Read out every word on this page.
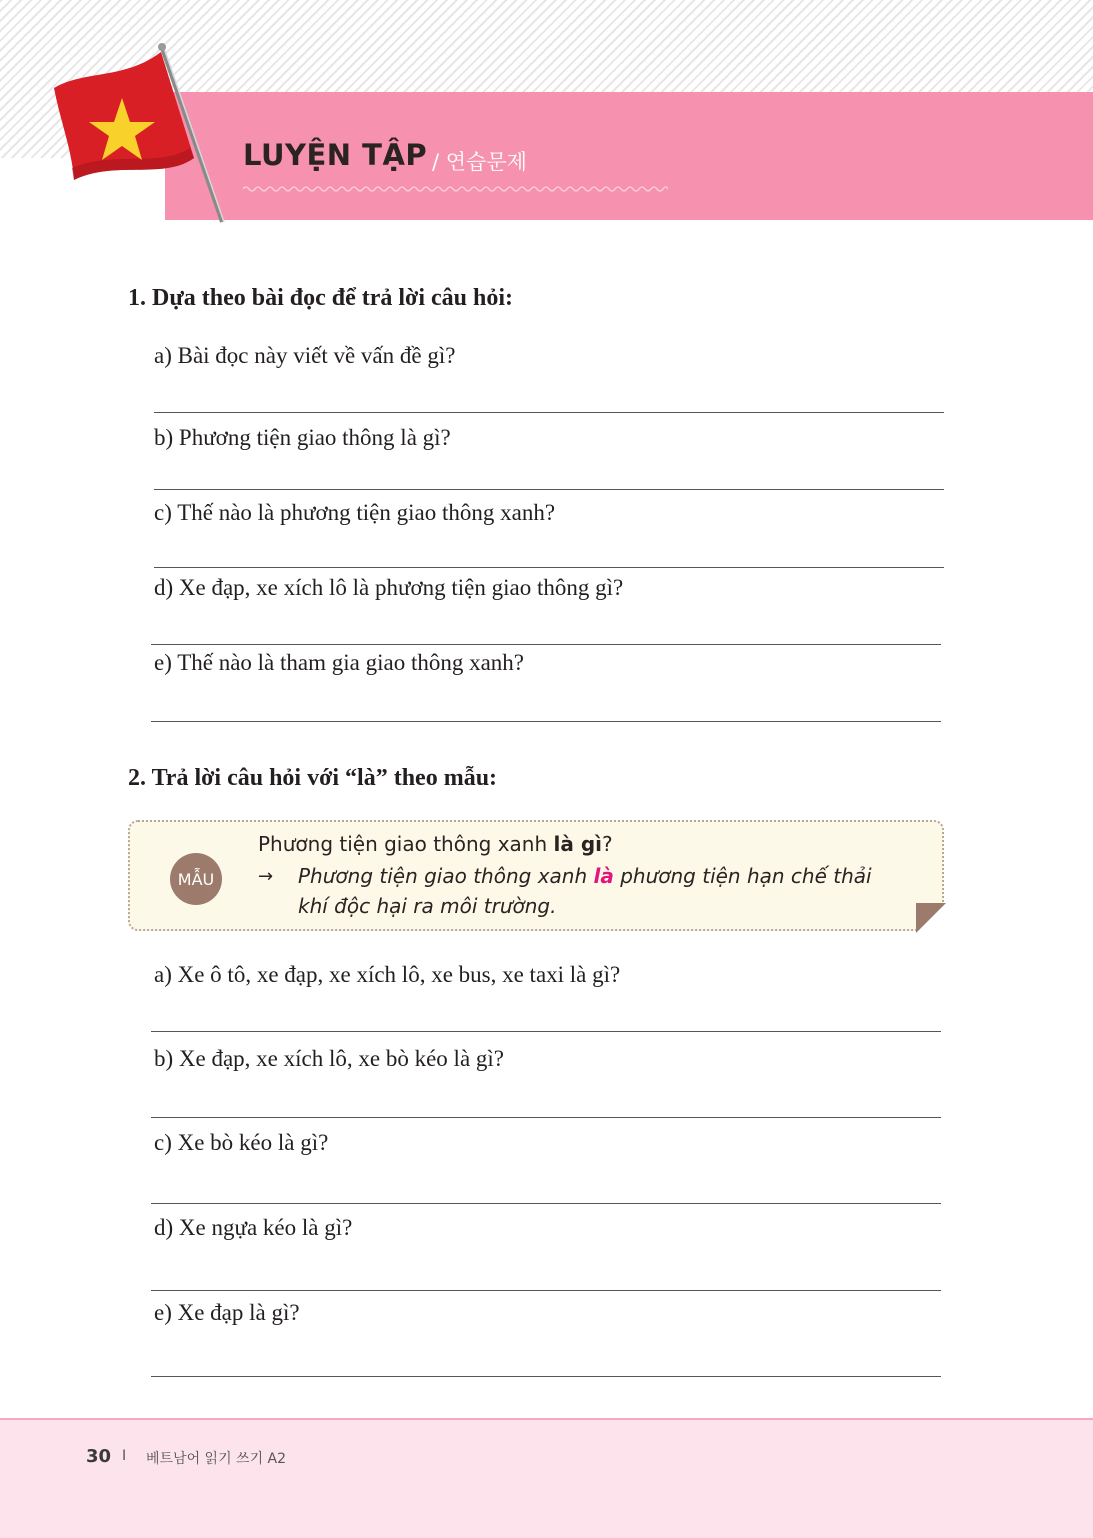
LUYỆN TẬP / 연습문제
1. Dựa theo bài đọc để trả lời câu hỏi:
a) Bài đọc này viết về vấn đề gì?
b) Phương tiện giao thông là gì?
c) Thế nào là phương tiện giao thông xanh?
d) Xe đạp, xe xích lô là phương tiện giao thông gì?
e) Thế nào là tham gia giao thông xanh?
2. Trả lời câu hỏi với “là” theo mẫu:
MẪU
Phương tiện giao thông xanh là gì?
→ Phương tiện giao thông xanh là phương tiện hạn chế thải
khí độc hại ra môi trường.
a) Xe ô tô, xe đạp, xe xích lô, xe bus, xe taxi là gì?
b) Xe đạp, xe xích lô, xe bò kéo là gì?
c) Xe bò kéo là gì?
d) Xe ngựa kéo là gì?
e) Xe đạp là gì?
30 I 베트남어 읽기 쓰기 A2
